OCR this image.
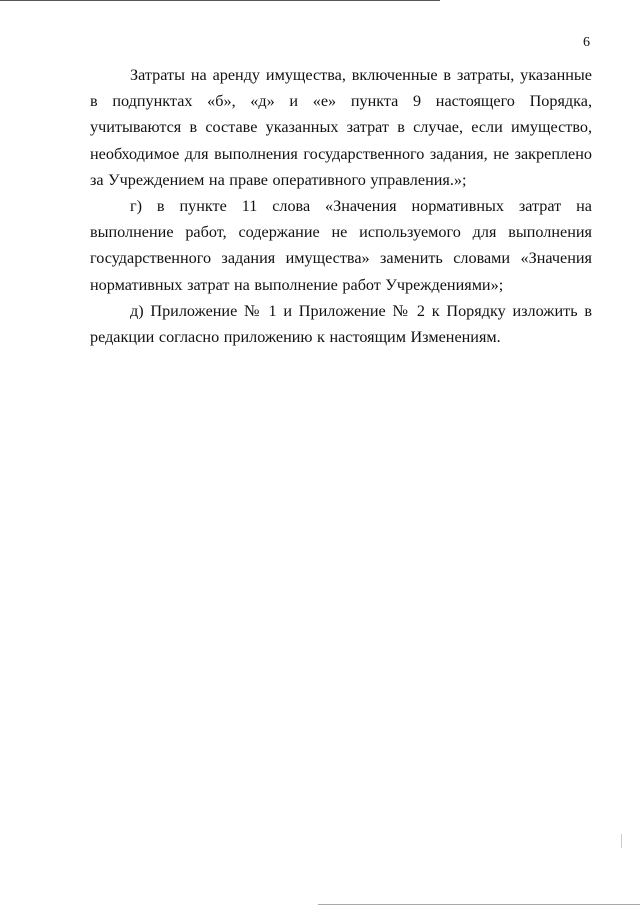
6

Затраты на аренду имущества, включенные в затраты, указанные в подпунктах «б», «д» и «е» пункта 9 настоящего Порядка, учитываются в составе указанных затрат в случае, если имущество, необходимое для выполнения государственного задания, не закреплено за Учреждением на праве оперативного управления.»;

г) в пункте 11 слова «Значения нормативных затрат на выполнение работ, содержание не используемого для выполнения государственного задания имущества» заменить словами «Значения нормативных затрат на выполнение работ Учреждениями»;

д) Приложение № 1 и Приложение № 2 к Порядку изложить в редакции согласно приложению к настоящим Изменениям.
